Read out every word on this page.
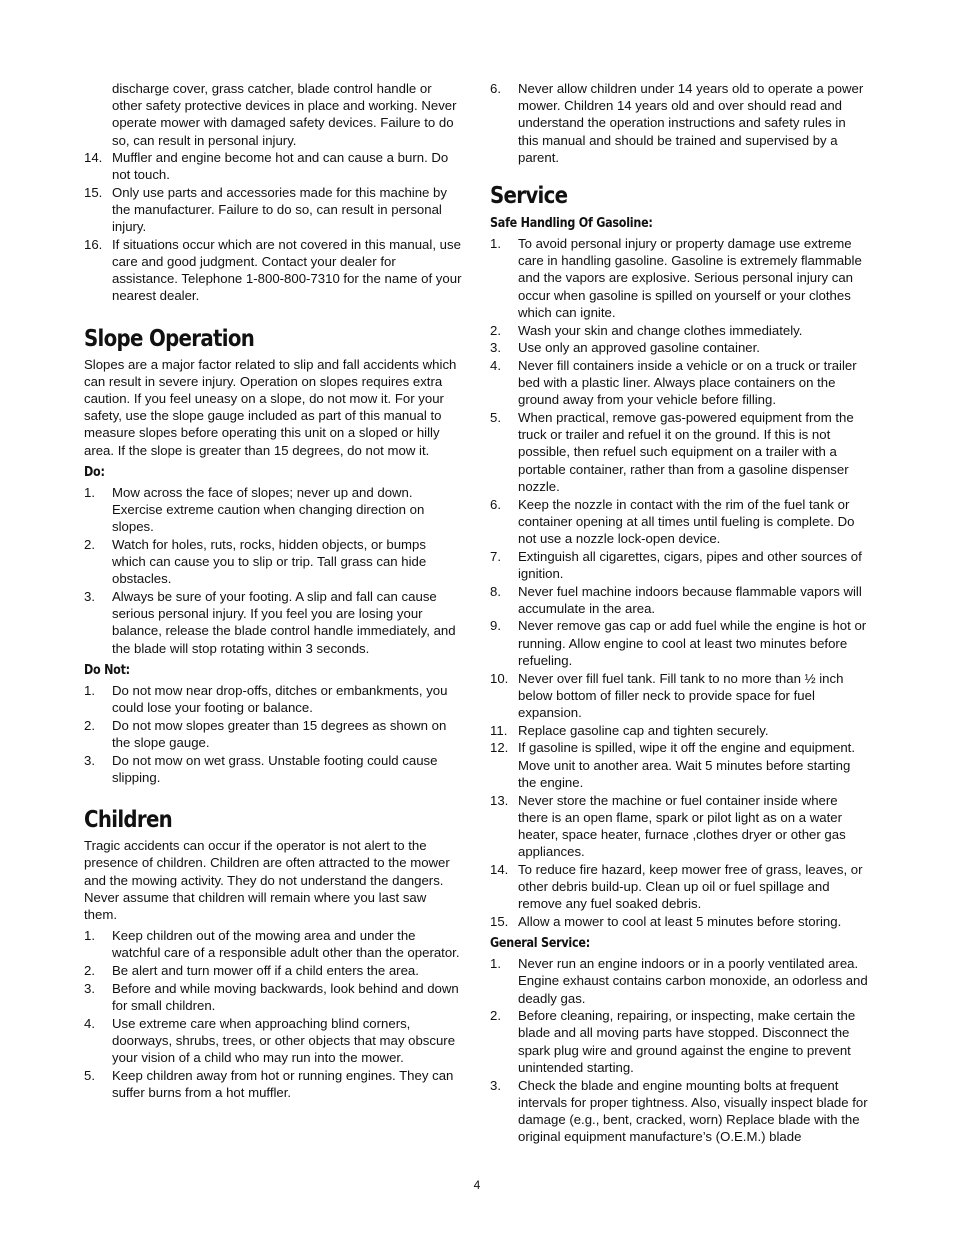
discharge cover, grass catcher, blade control handle or other safety protective devices in place and working. Never operate mower with damaged safety devices. Failure to do so, can result in personal injury.

14. Muffler and engine become hot and can cause a burn. Do not touch.
15. Only use parts and accessories made for this machine by the manufacturer. Failure to do so, can result in personal injury.
16. If situations occur which are not covered in this manual, use care and good judgment. Contact your dealer for assistance. Telephone 1-800-800-7310 for the name of your nearest dealer.
Slope Operation

Slopes are a major factor related to slip and fall accidents which can result in severe injury. Operation on slopes requires extra caution. If you feel uneasy on a slope, do not mow it. For your safety, use the slope gauge included as part of this manual to measure slopes before operating this unit on a sloped or hilly area. If the slope is greater than 15 degrees, do not mow it.

Do:
1. Mow across the face of slopes; never up and down. Exercise extreme caution when changing direction on slopes.
2. Watch for holes, ruts, rocks, hidden objects, or bumps which can cause you to slip or trip. Tall grass can hide obstacles.
3. Always be sure of your footing. A slip and fall can cause serious personal injury. If you feel you are losing your balance, release the blade control handle immediately, and the blade will stop rotating within 3 seconds.
Do Not:
1. Do not mow near drop-offs, ditches or embankments, you could lose your footing or balance.
2. Do not mow slopes greater than 15 degrees as shown on the slope gauge.
3. Do not mow on wet grass. Unstable footing could cause slipping.
Children

Tragic accidents can occur if the operator is not alert to the presence of children. Children are often attracted to the mower and the mowing activity. They do not understand the dangers. Never assume that children will remain where you last saw them.

1. Keep children out of the mowing area and under the watchful care of a responsible adult other than the operator.
2. Be alert and turn mower off if a child enters the area.
3. Before and while moving backwards, look behind and down for small children.
4. Use extreme care when approaching blind corners, doorways, shrubs, trees, or other objects that may obscure your vision of a child who may run into the mower.
5. Keep children away from hot or running engines. They can suffer burns from a hot muffler.
6. Never allow children under 14 years old to operate a power mower. Children 14 years old and over should read and understand the operation instructions and safety rules in this manual and should be trained and supervised by a parent.
Service
Safe Handling Of Gasoline:
1. To avoid personal injury or property damage use extreme care in handling gasoline. Gasoline is extremely flammable and the vapors are explosive. Serious personal injury can occur when gasoline is spilled on yourself or your clothes which can ignite.
2. Wash your skin and change clothes immediately.
3. Use only an approved gasoline container.
4. Never fill containers inside a vehicle or on a truck or trailer bed with a plastic liner. Always place containers on the ground away from your vehicle before filling.
5. When practical, remove gas-powered equipment from the truck or trailer and refuel it on the ground. If this is not possible, then refuel such equipment on a trailer with a portable container, rather than from a gasoline dispenser nozzle.
6. Keep the nozzle in contact with the rim of the fuel tank or container opening at all times until fueling is complete. Do not use a nozzle lock-open device.
7. Extinguish all cigarettes, cigars, pipes and other sources of ignition.
8. Never fuel machine indoors because flammable vapors will accumulate in the area.
9. Never remove gas cap or add fuel while the engine is hot or running. Allow engine to cool at least two minutes before refueling.
10. Never over fill fuel tank. Fill tank to no more than ½ inch below bottom of filler neck to provide space for fuel expansion.
11. Replace gasoline cap and tighten securely.
12. If gasoline is spilled, wipe it off the engine and equipment. Move unit to another area. Wait 5 minutes before starting the engine.
13. Never store the machine or fuel container inside where there is an open flame, spark or pilot light as on a water heater, space heater, furnace ,clothes dryer or other gas appliances.
14. To reduce fire hazard, keep mower free of grass, leaves, or other debris build-up. Clean up oil or fuel spillage and remove any fuel soaked debris.
15. Allow a mower to cool at least 5 minutes before storing.
General Service:
1. Never run an engine indoors or in a poorly ventilated area. Engine exhaust contains carbon monoxide, an odorless and deadly gas.
2. Before cleaning, repairing, or inspecting, make certain the blade and all moving parts have stopped. Disconnect the spark plug wire and ground against the engine to prevent unintended starting.
3. Check the blade and engine mounting bolts at frequent intervals for proper tightness. Also, visually inspect blade for damage (e.g., bent, cracked, worn) Replace blade with the original equipment manufacture’s (O.E.M.) blade
4
